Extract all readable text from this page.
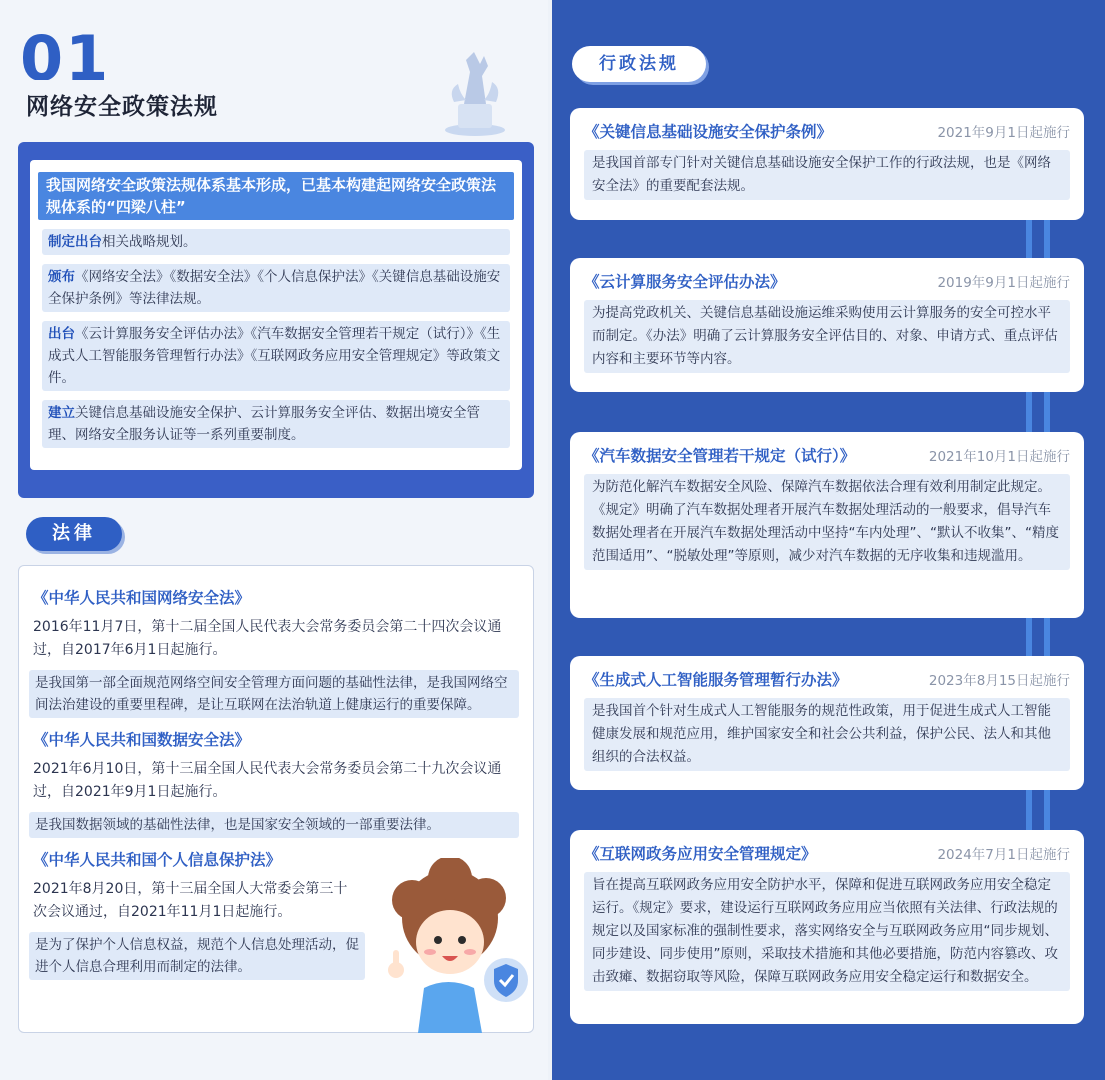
01
网络安全政策法规
我国网络安全政策法规体系基本形成，已基本构建起网络安全政策法规体系的“四梁八柱”
制定出台相关战略规划。
颁布《网络安全法》《数据安全法》《个人信息保护法》《关键信息基础设施安全保护条例》等法律法规。
出台《云计算服务安全评估办法》《汽车数据安全管理若干规定（试行）》《生成式人工智能服务管理暂行办法》《互联网政务应用安全管理规定》等政策文件。
建立关键信息基础设施安全保护、云计算服务安全评估、数据出境安全管理、网络安全服务认证等一系列重要制度。
法律
《中华人民共和国网络安全法》
2016年11月7日，第十二届全国人民代表大会常务委员会第二十四次会议通过，自2017年6月1日起施行。
是我国第一部全面规范网络空间安全管理方面问题的基础性法律，是我国网络空间法治建设的重要里程碑，是让互联网在法治轨道上健康运行的重要保障。
《中华人民共和国数据安全法》
2021年6月10日，第十三届全国人民代表大会常务委员会第二十九次会议通过，自2021年9月1日起施行。
是我国数据领域的基础性法律，也是国家安全领域的一部重要法律。
《中华人民共和国个人信息保护法》
2021年8月20日，第十三届全国人大常委会第三十次会议通过，自2021年11月1日起施行。
是为了保护个人信息权益，规范个人信息处理活动，促进个人信息合理利用而制定的法律。
行政法规
《关键信息基础设施安全保护条例》	2021年9月1日起施行
是我国首部专门针对关键信息基础设施安全保护工作的行政法规，也是《网络安全法》的重要配套法规。
《云计算服务安全评估办法》	2019年9月1日起施行
为提高党政机关、关键信息基础设施运维采购使用云计算服务的安全可控水平而制定。《办法》明确了云计算服务安全评估目的、对象、申请方式、重点评估内容和主要环节等内容。
《汽车数据安全管理若干规定（试行）》	2021年10月1日起施行
为防范化解汽车数据安全风险、保障汽车数据依法合理有效利用制定此规定。《规定》明确了汽车数据处理者开展汽车数据处理活动的一般要求，倡导汽车数据处理者在开展汽车数据处理活动中坚持“车内处理”、“默认不收集”、“精度范围适用”、“脱敏处理”等原则，减少对汽车数据的无序收集和违规滥用。
《生成式人工智能服务管理暂行办法》	2023年8月15日起施行
是我国首个针对生成式人工智能服务的规范性政策，用于促进生成式人工智能健康发展和规范应用，维护国家安全和社会公共利益，保护公民、法人和其他组织的合法权益。
《互联网政务应用安全管理规定》	2024年7月1日起施行
旨在提高互联网政务应用安全防护水平，保障和促进互联网政务应用安全稳定运行。《规定》要求，建设运行互联网政务应用应当依照有关法律、行政法规的规定以及国家标准的强制性要求，落实网络安全与互联网政务应用“同步规划、同步建设、同步使用”原则，采取技术措施和其他必要措施，防范内容篡改、攻击致瘫、数据窃取等风险，保障互联网政务应用安全稳定运行和数据安全。
